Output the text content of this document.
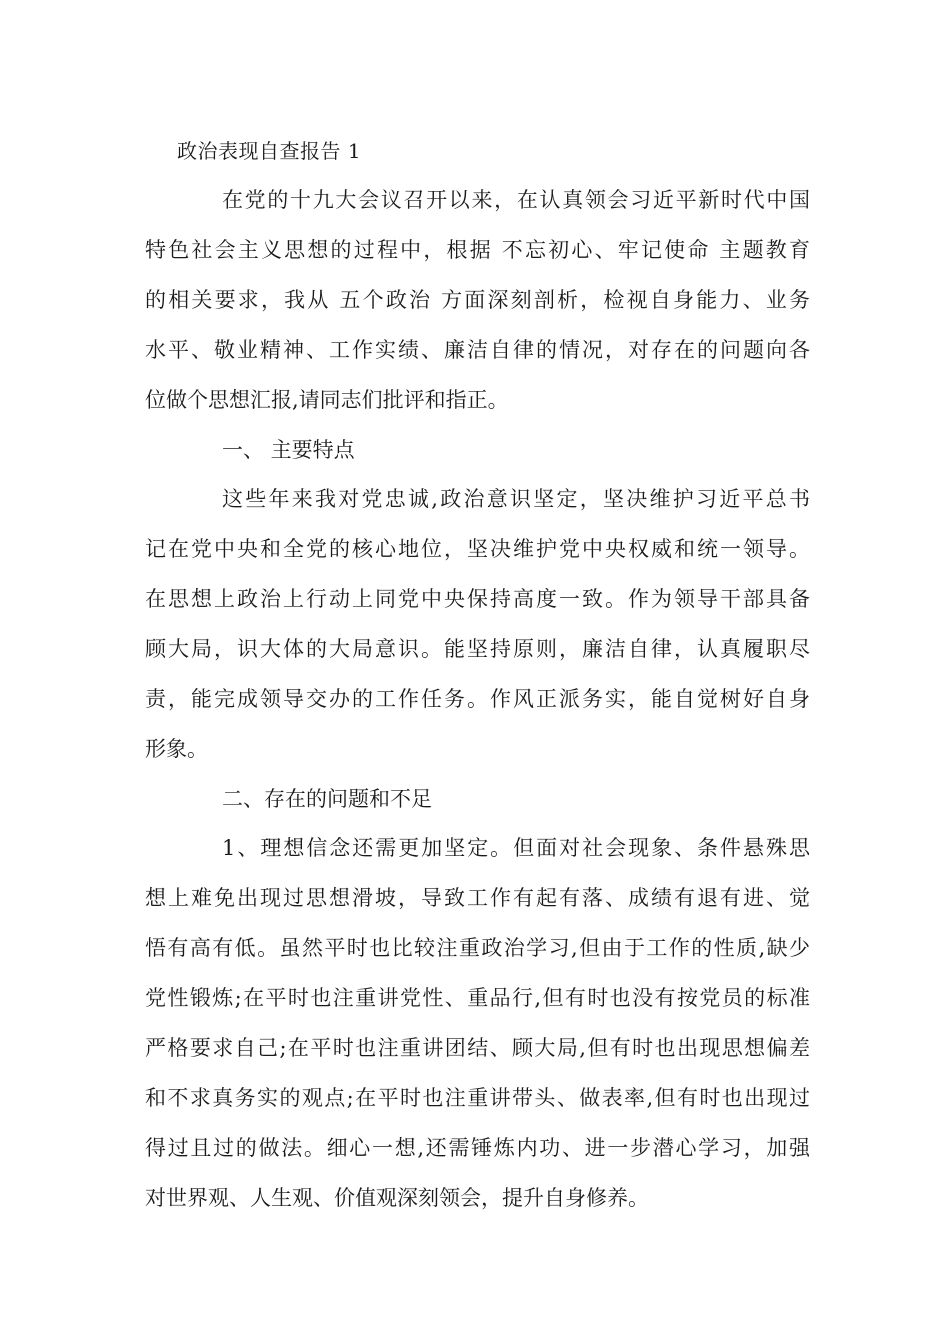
政治表现自查报告 1
在党的十九大会议召开以来，在认真领会习近平新时代中国
特色社会主义思想的过程中，根据 不忘初心、牢记使命 主题教育
的相关要求，我从 五个政治 方面深刻剖析，检视自身能力、业务
水平、敬业精神、工作实绩、廉洁自律的情况，对存在的问题向各
位做个思想汇报,请同志们批评和指正。
一、 主要特点
这些年来我对党忠诚,政治意识坚定，坚决维护习近平总书
记在党中央和全党的核心地位，坚决维护党中央权威和统一领导。
在思想上政治上行动上同党中央保持高度一致。作为领导干部具备
顾大局，识大体的大局意识。能坚持原则，廉洁自律，认真履职尽
责，能完成领导交办的工作任务。作风正派务实，能自觉树好自身
形象。
二、存在的问题和不足
1、理想信念还需更加坚定。但面对社会现象、条件悬殊思
想上难免出现过思想滑坡，导致工作有起有落、成绩有退有进、觉
悟有高有低。虽然平时也比较注重政治学习,但由于工作的性质,缺少
党性锻炼;在平时也注重讲党性、重品行,但有时也没有按党员的标准
严格要求自己;在平时也注重讲团结、顾大局,但有时也出现思想偏差
和不求真务实的观点;在平时也注重讲带头、做表率,但有时也出现过
得过且过的做法。细心一想,还需锤炼内功、进一步潜心学习，加强
对世界观、人生观、价值观深刻领会，提升自身修养。
